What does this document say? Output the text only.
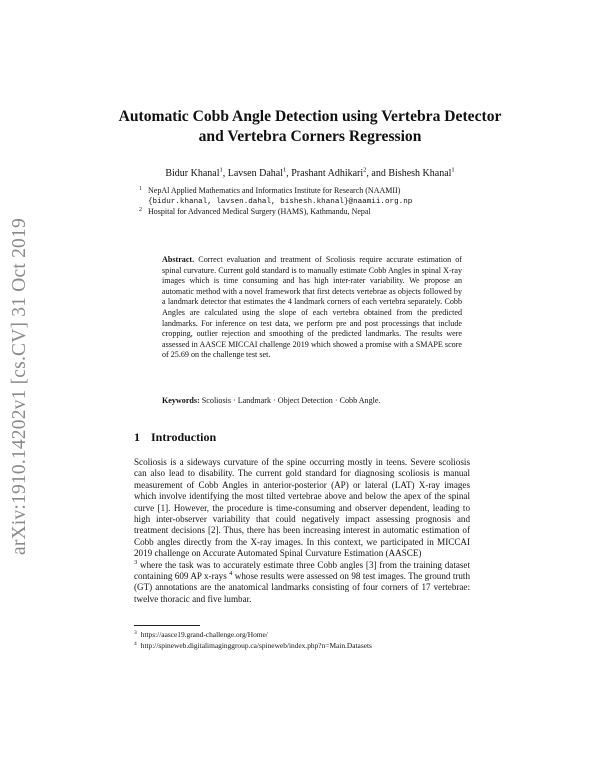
arXiv:1910.14202v1 [cs.CV] 31 Oct 2019
Automatic Cobb Angle Detection using Vertebra Detector and Vertebra Corners Regression
Bidur Khanal$^1$, Lavsen Dahal$^1$, Prashant Adhikari$^2$, and Bishesh Khanal$^1$
1 NepAl Applied Mathematics and Informatics Institute for Research (NAAMII)
{bidur.khanal, lavsen.dahal, bishesh.khanal}@naamii.org.np
2 Hospital for Advanced Medical Surgery (HAMS), Kathmandu, Nepal
Abstract. Correct evaluation and treatment of Scoliosis require accurate estimation of spinal curvature. Current gold standard is to manually estimate Cobb Angles in spinal X-ray images which is time consuming and has high inter-rater variability. We propose an automatic method with a novel framework that first detects vertebrae as objects followed by a landmark detector that estimates the 4 landmark corners of each vertebra separately. Cobb Angles are calculated using the slope of each vertebra obtained from the predicted landmarks. For inference on test data, we perform pre and post processings that include cropping, outlier rejection and smoothing of the predicted landmarks. The results were assessed in AASCE MICCAI challenge 2019 which showed a promise with a SMAPE score of 25.69 on the challenge test set.
Keywords: Scoliosis · Landmark · Object Detection · Cobb Angle.
1 Introduction
Scoliosis is a sideways curvature of the spine occurring mostly in teens. Severe scoliosis can also lead to disability. The current gold standard for diagnosing scoliosis is manual measurement of Cobb Angles in anterior-posterior (AP) or lateral (LAT) X-ray images which involve identifying the most tilted vertebrae above and below the apex of the spinal curve [1]. However, the procedure is time-consuming and observer dependent, leading to high inter-observer variability that could negatively impact assessing prognosis and treatment decisions [2]. Thus, there has been increasing interest in automatic estimation of Cobb angles directly from the X-ray images. In this context, we participated in MICCAI 2019 challenge on Accurate Automated Spinal Curvature Estimation (AASCE)
$^3$ where the task was to accurately estimate three Cobb angles [3] from the training dataset containing 609 AP x-rays $^4$ whose results were assessed on 98 test images. The ground truth (GT) annotations are the anatomical landmarks consisting of four corners of 17 vertebrae: twelve thoracic and five lumbar.
$^3$ https://aasce19.grand-challenge.org/Home/
$^4$ http://spineweb.digitalimaginggroup.ca/spineweb/index.php?n=Main.Datasets
